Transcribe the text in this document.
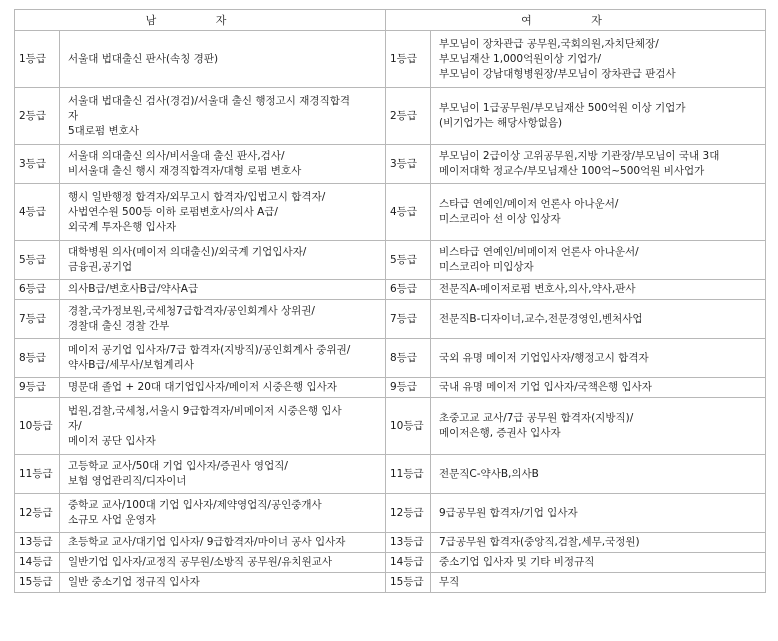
남 자		여 자	
1등급	서울대 법대출신 판사(속칭 경판)	1등급	부모님이 장차관급 공무원,국회의원,자치단체장/
부모님재산 1,000억원이상 기업가/
부모님이 강남대형병원장/부모님이 장차관급 판검사

2등급	서울대 법대출신 검사(경검)/서울대 출신 행정고시 재경직합격
자
5대로펌 변호사	2등급	부모님이 1급공무원/부모님재산 500억원 이상 기업가
(비기업가는 해당사항없음)

3등급	서울대 의대출신 의사/비서울대 출신 판사,검사/
비서울대 출신 행시 재경직합격자/대형 로펌 변호사	3등급	부모님이 2급이상 고위공무원,지방 기관장/부모님이 국내 3대
메이저대학 정교수/부모님재산 100억~500억원 비사업가

4등급	행시 일반행정 합격자/외무고시 합격자/입법고시 합격자/
사법연수원 500등 이하 로펌변호사/의사 A급/
외국계 투자은행 입사자	4등급	스타급 연예인/메이저 언론사 아나운서/
미스코리아 선 이상 입상자

5등급	대학병원 의사(메이저 의대출신)/외국계 기업입사자/
금융권,공기업	5등급	비스타급 연예인/비메이저 언론사 아나운서/
미스코리아 미입상자

6등급	의사B급/변호사B급/약사A급	6등급	전문직A-메이저로펌 변호사,의사,약사,판사

7등급	경찰,국가정보원,국세청7급합격자/공인회계사 상위권/
경찰대 출신 경찰 간부	7등급	전문직B-디자이너,교수,전문경영인,벤처사업

8등급	메이저 공기업 입사자/7급 합격자(지방직)/공인회계사 중위권/
약사B급/세무사/보험계리사	8등급	국외 유명 메이저 기업입사자/행정고시 합격자

9등급	명문대 졸업 + 20대 대기업입사자/메이저 시중은행 입사자	9등급	국내 유명 메이저 기업 입사자/국책은행 입사자

10등급	법원,검찰,국세청,서울시 9급합격자/비메이저 시중은행 입사
자/
메이저 공단 입사자	10등급	초중고교 교사/7급 공무원 합격자(지방직)/
메이저은행, 증권사 입사자

11등급	고등학교 교사/50대 기업 입사자/증권사 영업직/
보험 영업관리직/디자이너	11등급	전문직C-약사B,의사B

12등급	중학교 교사/100대 기업 입사자/제약영업직/공인중개사
소규모 사업 운영자	12등급	9급공무원 합격자/기업 입사자

13등급	초등학교 교사/대기업 입사자/ 9급합격자/마이너 공사 입사자	13등급	7급공무원 합격자(중앙직,검찰,세무,국정원)

14등급	일반기업 입사자/교정직 공무원/소방직 공무원/유치원교사	14등급	중소기업 입사자 및 기타 비정규직

15등급	일반 중소기업 정규직 입사자	15등급	무직
